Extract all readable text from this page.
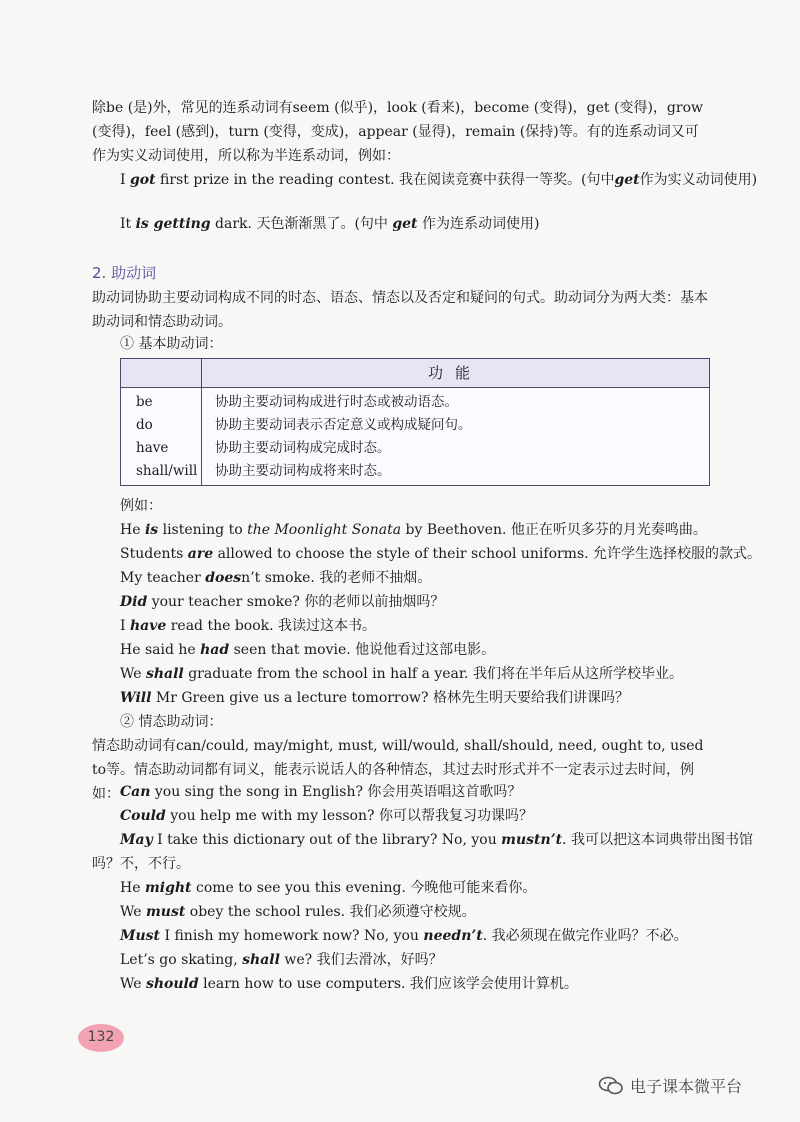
除be (是)外，常见的连系动词有seem (似乎)，look (看来)，become (变得)，get (变得)，grow (变得)，feel (感到)，turn (变得，变成)，appear (显得)，remain (保持)等。有的连系动词又可作为实义动词使用，所以称为半连系动词，例如：

I got first prize in the reading contest. 我在阅读竞赛中获得一等奖。(句中get作为实义动词使用)
It is getting dark. 天色渐渐黑了。(句中 get 作为连系动词使用)
2. 助动词

助动词协助主要动词构成不同的时态、语态、情态以及否定和疑问的句式。助动词分为两大类：基本助动词和情态助动词。

① 基本助动词：
功能
be	协助主要动词构成进行时态或被动语态。
do	协助主要动词表示否定意义或构成疑问句。
have	协助主要动词构成完成时态。
shall/will 协助主要动词构成将来时态。
例如：
He is listening to the Moonlight Sonata by Beethoven. 他正在听贝多芬的月光奏鸣曲。
Students are allowed to choose the style of their school uniforms. 允许学生选择校服的款式。
My teacher doesn’t smoke. 我的老师不抽烟。
Did your teacher smoke? 你的老师以前抽烟吗？
I have read the book. 我读过这本书。
He said he had seen that movie. 他说他看过这部电影。
We shall graduate from the school in half a year. 我们将在半年后从这所学校毕业。
Will Mr Green give us a lecture tomorrow? 格林先生明天要给我们讲课吗？
② 情态助动词：

情态助动词有can/could, may/might, must, will/would, shall/should, need, ought to, used to等。情态助动词都有词义，能表示说话人的各种情态，其过去时形式并不一定表示过去时间，例如： Can you sing the song in English? 你会用英语唱这首歌吗？
Could you help me with my lesson? 你可以帮我复习功课吗？
May I take this dictionary out of the library? No, you mustn’t. 我可以把这本词典带出图书馆
吗？不，不行。
He might come to see you this evening. 今晚他可能来看你。
We must obey the school rules. 我们必须遵守校规。
Must I finish my homework now? No, you needn’t. 我必须现在做完作业吗？不必。
Let’s go skating, shall we? 我们去滑冰，好吗？
We should learn how to use computers. 我们应该学会使用计算机。
132
电子课本微平台
